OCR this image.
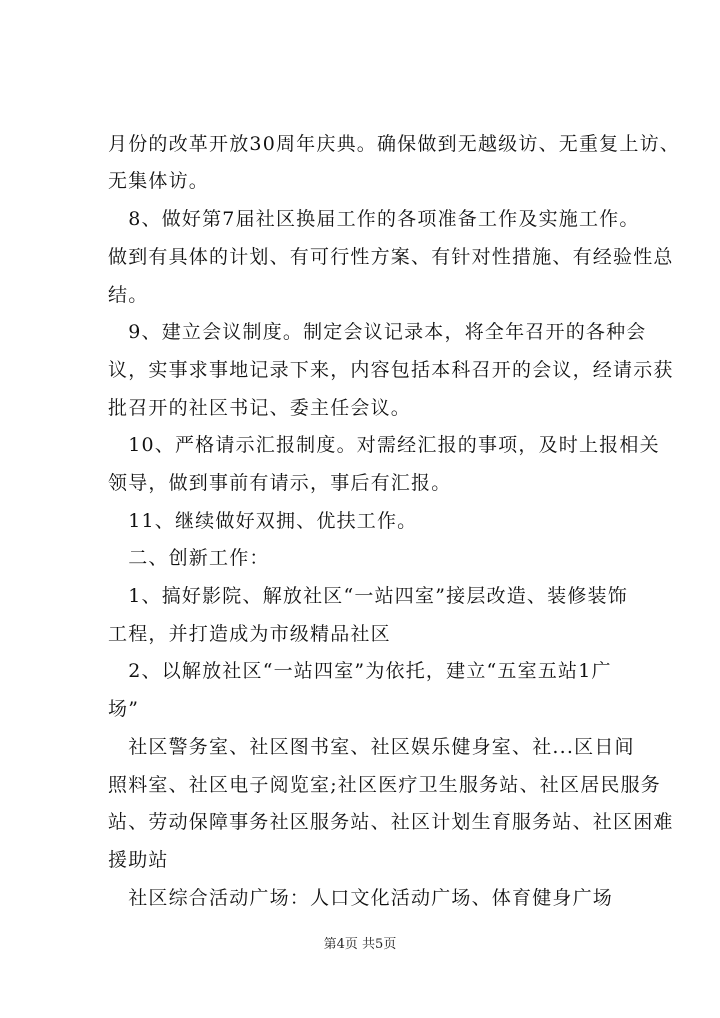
月份的改革开放30周年庆典。确保做到无越级访、无重复上访、
无集体访。
　8、做好第7届社区换届工作的各项准备工作及实施工作。
做到有具体的计划、有可行性方案、有针对性措施、有经验性总
结。
　9、建立会议制度。制定会议记录本，将全年召开的各种会
议，实事求事地记录下来，内容包括本科召开的会议，经请示获
批召开的社区书记、委主任会议。
　10、严格请示汇报制度。对需经汇报的事项，及时上报相关
领导，做到事前有请示，事后有汇报。
　11、继续做好双拥、优扶工作。
　二、创新工作：
　1、搞好影院、解放社区“一站四室”接层改造、装修装饰
工程，并打造成为市级精品社区
　2、以解放社区“一站四室”为依托，建立“五室五站1广
场”
　社区警务室、社区图书室、社区娱乐健身室、社...区日间
照料室、社区电子阅览室;社区医疗卫生服务站、社区居民服务
站、劳动保障事务社区服务站、社区计划生育服务站、社区困难
援助站
　社区综合活动广场：人口文化活动广场、体育健身广场
第4页 共5页
